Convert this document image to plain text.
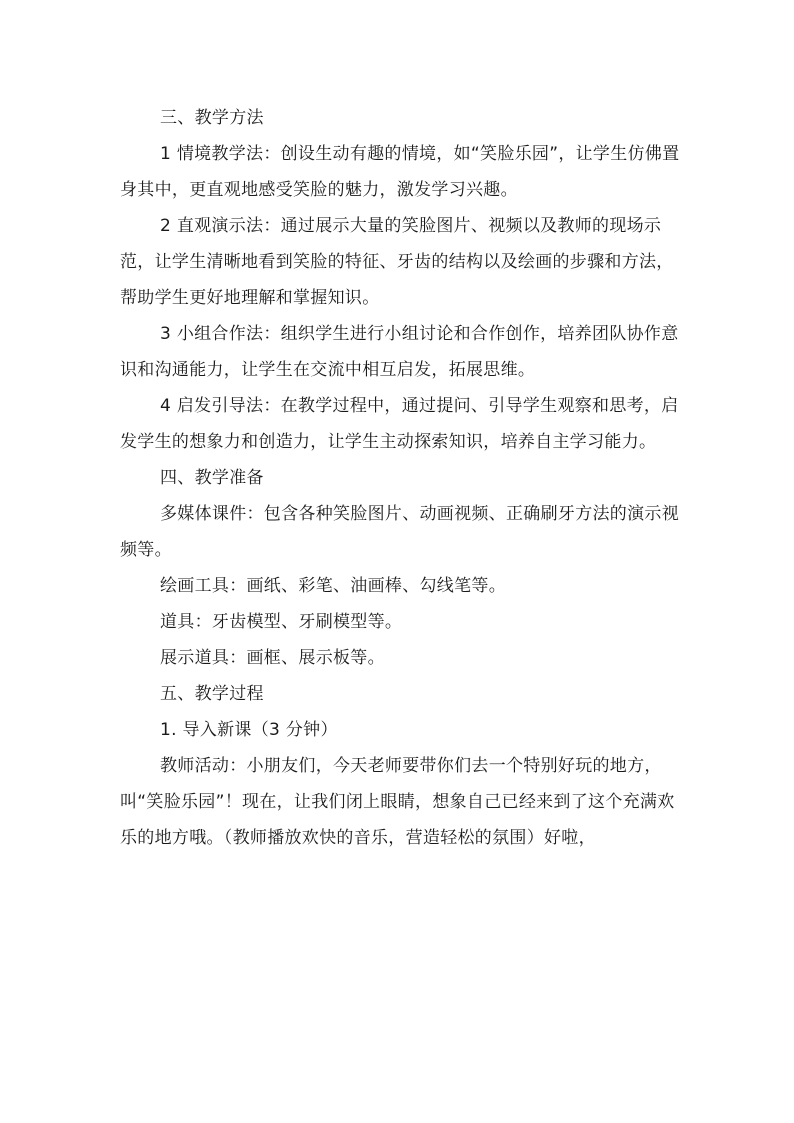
三、教学方法

1 情境教学法：创设生动有趣的情境，如“笑脸乐园”，让学生仿佛置身其中，更直观地感受笑脸的魅力，激发学习兴趣。

2 直观演示法：通过展示大量的笑脸图片、视频以及教师的现场示范，让学生清晰地看到笑脸的特征、牙齿的结构以及绘画的步骤和方法，帮助学生更好地理解和掌握知识。

3 小组合作法：组织学生进行小组讨论和合作创作，培养团队协作意识和沟通能力，让学生在交流中相互启发，拓展思维。

4 启发引导法：在教学过程中，通过提问、引导学生观察和思考，启发学生的想象力和创造力，让学生主动探索知识，培养自主学习能力。

四、教学准备

多媒体课件：包含各种笑脸图片、动画视频、正确刷牙方法的演示视频等。

绘画工具：画纸、彩笔、油画棒、勾线笔等。

道具：牙齿模型、牙刷模型等。

展示道具：画框、展示板等。

五、教学过程

1. 导入新课（3 分钟）

教师活动：小朋友们，今天老师要带你们去一个特别好玩的地方，叫“笑脸乐园”！现在，让我们闭上眼睛，想象自己已经来到了这个充满欢乐的地方哦。（教师播放欢快的音乐，营造轻松的氛围）好啦，
